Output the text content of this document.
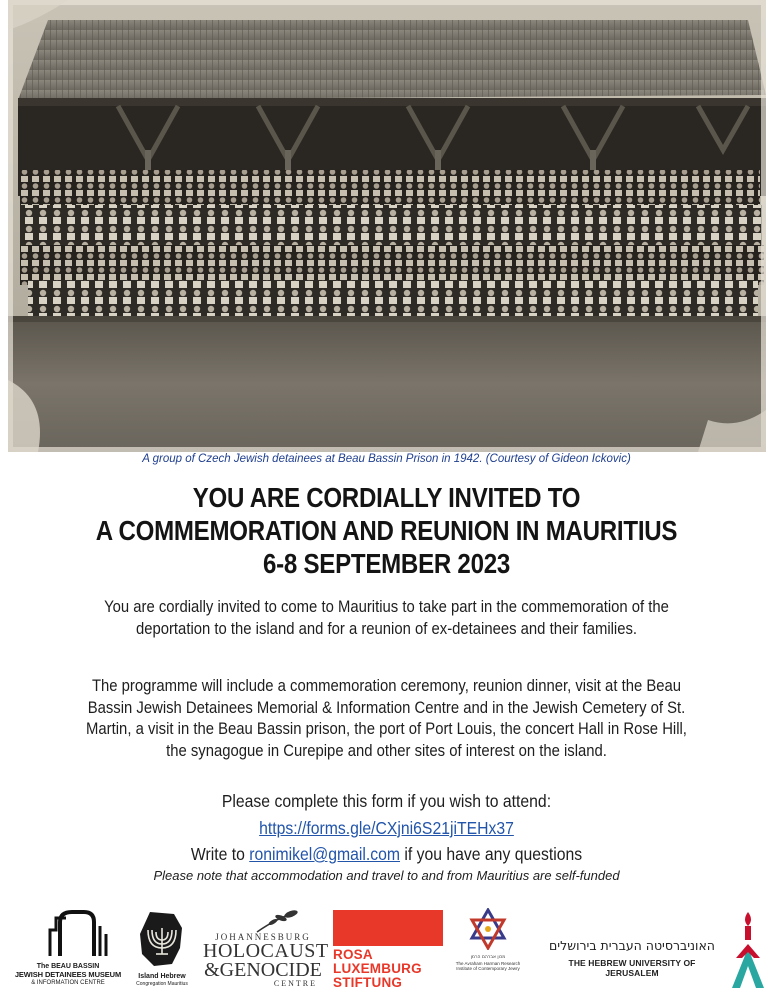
A group of Czech Jewish detainees at Beau Bassin Prison in 1942. (Courtesy of Gideon Ickovic)
YOU ARE CORDIALLY INVITED TO
A COMMEMORATION AND REUNION IN MAURITIUS
6-8 SEPTEMBER 2023
You are cordially invited to come to Mauritius to take part in the commemoration of the deportation to the island and for a reunion of ex-detainees and their families.
The programme will include a commemoration ceremony, reunion dinner, visit at the Beau Bassin Jewish Detainees Memorial & Information Centre and in the Jewish Cemetery of St. Martin, a visit in the Beau Bassin prison, the port of Port Louis, the concert Hall in Rose Hill, the synagogue in Curepipe and other sites of interest on the island.
Please complete this form if you wish to attend:
https://forms.gle/CXjni6S21jiTEHx37
Write to ronimikel@gmail.com if you have any questions
Please note that accommodation and travel to and from Mauritius are self-funded
The BEAU BASSIN
JEWISH DETAINEES MUSEUM
& INFORMATION CENTRE
Island Hebrew
Congregation Mauritius
JOHANNESBURG
HOLOCAUST
&GENOCIDE
CENTRE
ROSA
LUXEMBURG
STIFTUNG
מכון אברהם הרמן
The Avraham Harman Research
Institute of Contemporary Jewry
האוניברסיטה העברית בירושלים
THE HEBREW UNIVERSITY OF JERUSALEM
